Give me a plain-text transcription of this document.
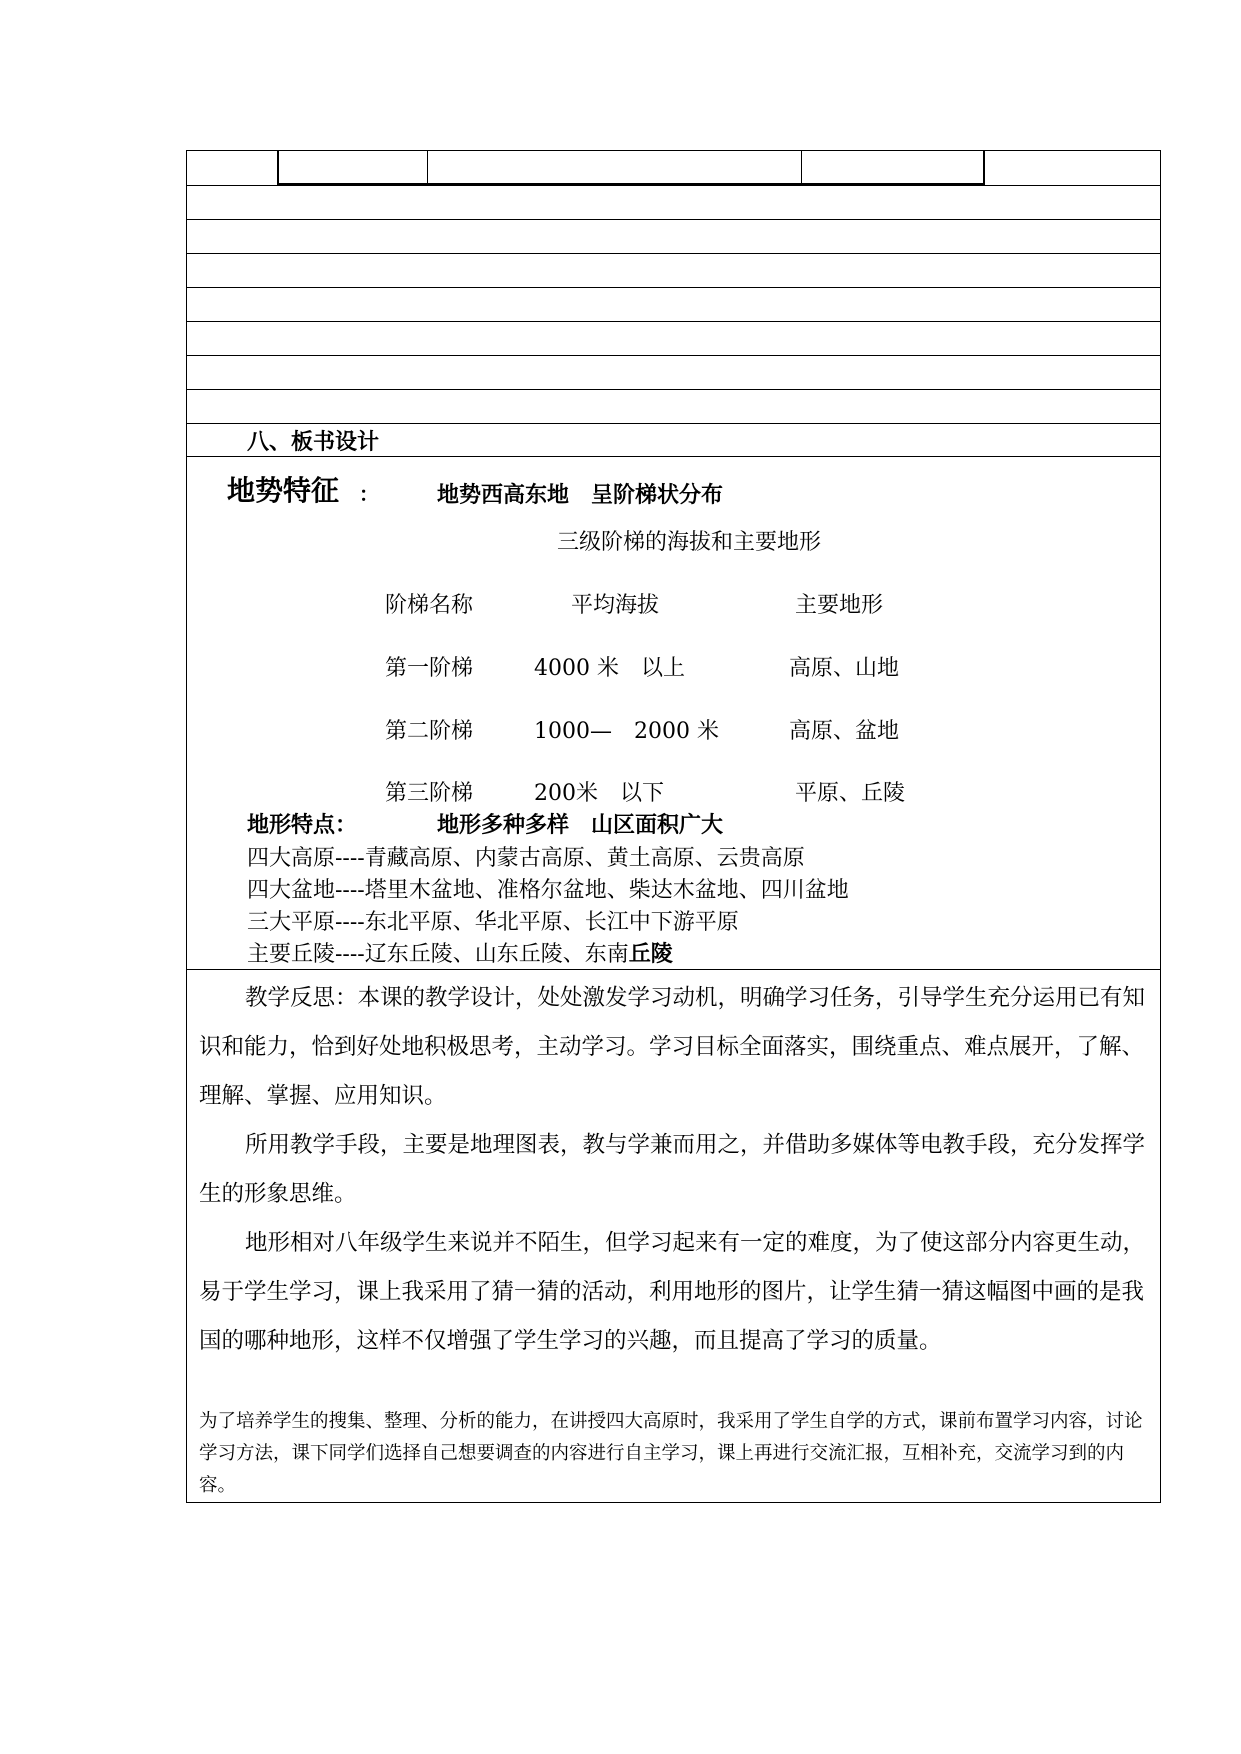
八、板书设计
地势特征 ：	地势西高东地　呈阶梯状分布
三级阶梯的海拔和主要地形
阶梯名称	平均海拔	主要地形
第一阶梯	4000 米　以上	高原、山地
第二阶梯	1000—　2000 米	高原、盆地
第三阶梯	200米　以下	平原、丘陵
地形特点：	地形多种多样　山区面积广大
四大高原----青藏高原、内蒙古高原、黄土高原、云贵高原
四大盆地----塔里木盆地、准格尔盆地、柴达木盆地、四川盆地
三大平原----东北平原、华北平原、长江中下游平原
主要丘陵----辽东丘陵、山东丘陵、东南丘陵
教学反思：本课的教学设计，处处激发学习动机，明确学习任务，引导学生充分运用已有知识和能力，恰到好处地积极思考，主动学习。学习目标全面落实，围绕重点、难点展开，了解、理解、掌握、应用知识。
所用教学手段，主要是地理图表，教与学兼而用之，并借助多媒体等电教手段，充分发挥学生的形象思维。
地形相对八年级学生来说并不陌生，但学习起来有一定的难度，为了使这部分内容更生动，易于学生学习，课上我采用了猜一猜的活动，利用地形的图片，让学生猜一猜这幅图中画的是我国的哪种地形，这样不仅增强了学生学习的兴趣，而且提高了学习的质量。
为了培养学生的搜集、整理、分析的能力，在讲授四大高原时，我采用了学生自学的方式，课前布置学习内容，讨论学习方法，课下同学们选择自己想要调查的内容进行自主学习，课上再进行交流汇报，互相补充，交流学习到的内容。
